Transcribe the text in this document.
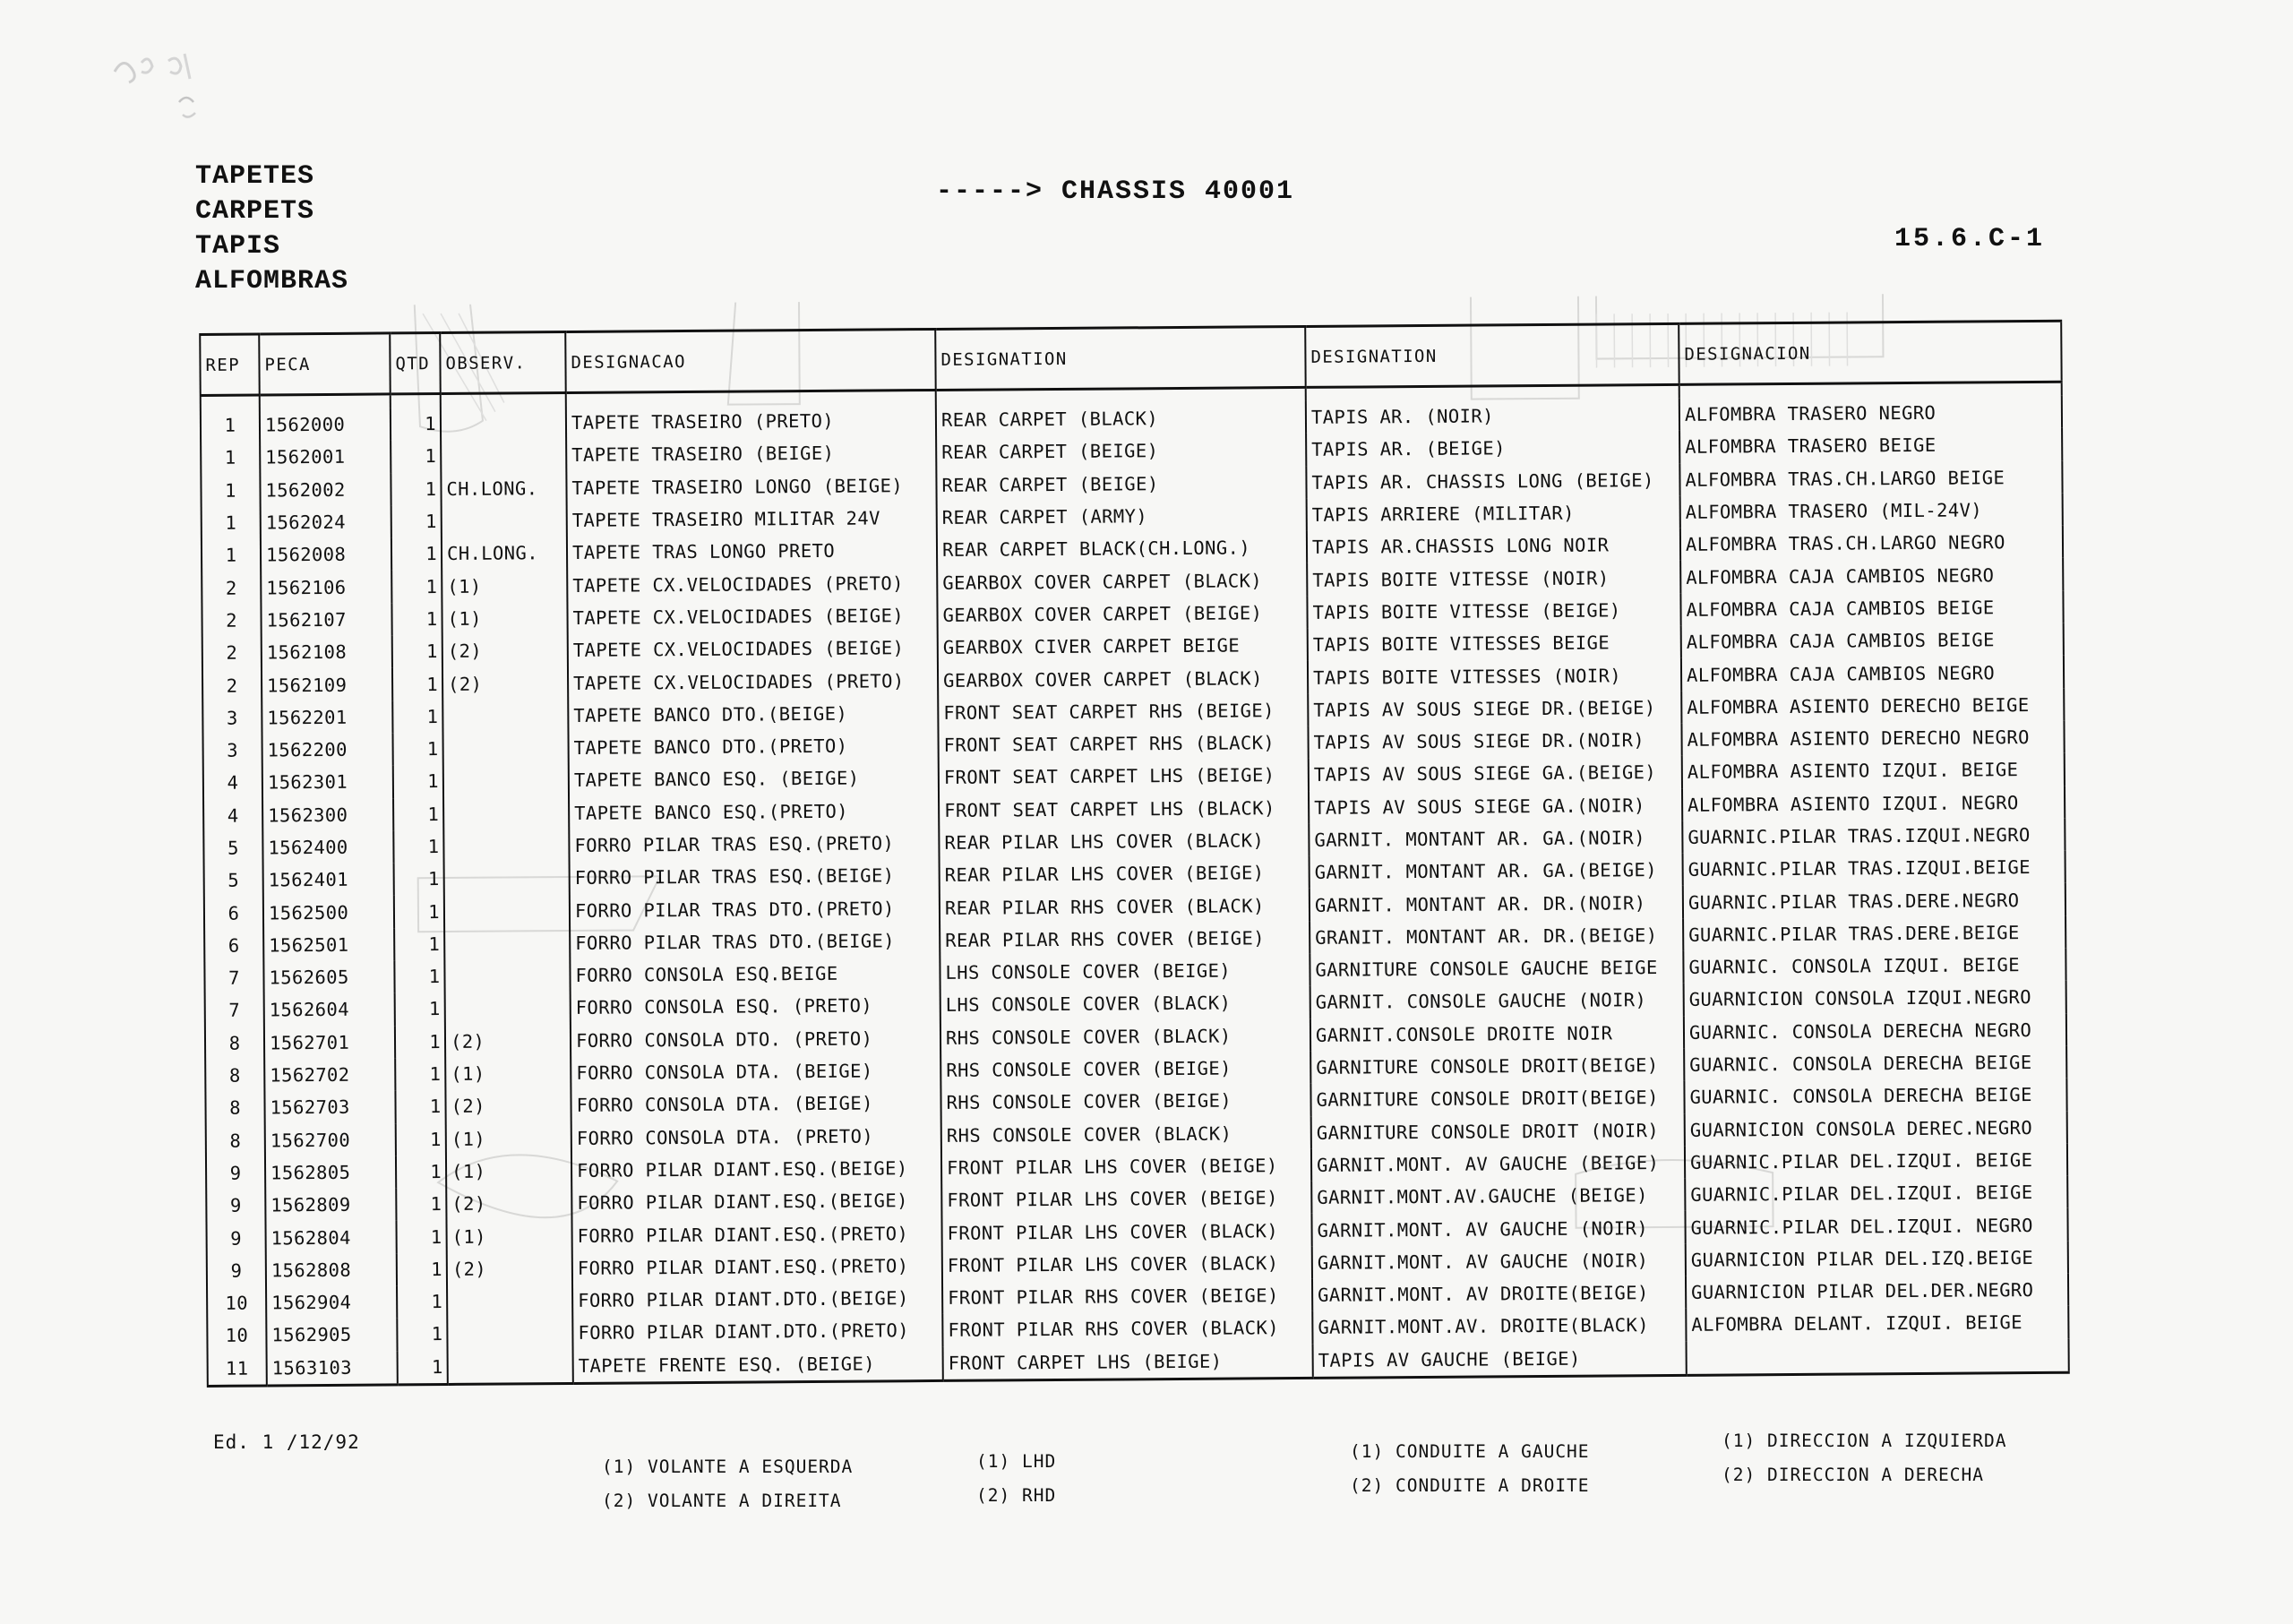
TAPETES
CARPETS
TAPIS
ALFOMBRAS
-----> CHASSIS 40001
15.6.C-1
REP	PECA	QTD	OBSERV.	DESIGNACAO	DESIGNATION	DESIGNATION	DESIGNACION

1	1562000	1		TAPETE TRASEIRO (PRETO)	REAR CARPET (BLACK)	TAPIS AR. (NOIR)	ALFOMBRA TRASERO NEGRO
1	1562001	1		TAPETE TRASEIRO (BEIGE)	REAR CARPET (BEIGE)	TAPIS AR. (BEIGE)	ALFOMBRA TRASERO BEIGE
1	1562002	1	CH.LONG.	TAPETE TRASEIRO LONGO (BEIGE)	REAR CARPET (BEIGE)	TAPIS AR. CHASSIS LONG (BEIGE)	ALFOMBRA TRAS.CH.LARGO BEIGE
1	1562024	1		TAPETE TRASEIRO MILITAR 24V	REAR CARPET (ARMY)	TAPIS ARRIERE (MILITAR)	ALFOMBRA TRASERO (MIL-24V)
1	1562008	1	CH.LONG.	TAPETE TRAS LONGO PRETO	REAR CARPET BLACK(CH.LONG.)	TAPIS AR.CHASSIS LONG NOIR	ALFOMBRA TRAS.CH.LARGO NEGRO
2	1562106	1	(1)	TAPETE CX.VELOCIDADES (PRETO)	GEARBOX COVER CARPET (BLACK)	TAPIS BOITE VITESSE (NOIR)	ALFOMBRA CAJA CAMBIOS NEGRO
2	1562107	1	(1)	TAPETE CX.VELOCIDADES (BEIGE)	GEARBOX COVER CARPET (BEIGE)	TAPIS BOITE VITESSE (BEIGE)	ALFOMBRA CAJA CAMBIOS BEIGE
2	1562108	1	(2)	TAPETE CX.VELOCIDADES (BEIGE)	GEARBOX CIVER CARPET BEIGE	TAPIS BOITE VITESSES BEIGE	ALFOMBRA CAJA CAMBIOS BEIGE
2	1562109	1	(2)	TAPETE CX.VELOCIDADES (PRETO)	GEARBOX COVER CARPET (BLACK)	TAPIS BOITE VITESSES (NOIR)	ALFOMBRA CAJA CAMBIOS NEGRO
3	1562201	1		TAPETE BANCO DTO.(BEIGE)	FRONT SEAT CARPET RHS (BEIGE)	TAPIS AV SOUS SIEGE DR.(BEIGE)	ALFOMBRA ASIENTO DERECHO BEIGE
3	1562200	1		TAPETE BANCO DTO.(PRETO)	FRONT SEAT CARPET RHS (BLACK)	TAPIS AV SOUS SIEGE DR.(NOIR)	ALFOMBRA ASIENTO DERECHO NEGRO
4	1562301	1		TAPETE BANCO ESQ. (BEIGE)	FRONT SEAT CARPET LHS (BEIGE)	TAPIS AV SOUS SIEGE GA.(BEIGE)	ALFOMBRA ASIENTO IZQUI. BEIGE
4	1562300	1		TAPETE BANCO ESQ.(PRETO)	FRONT SEAT CARPET LHS (BLACK)	TAPIS AV SOUS SIEGE GA.(NOIR)	ALFOMBRA ASIENTO IZQUI. NEGRO
5	1562400	1		FORRO PILAR TRAS ESQ.(PRETO)	REAR PILAR LHS COVER (BLACK)	GARNIT. MONTANT AR. GA.(NOIR)	GUARNIC.PILAR TRAS.IZQUI.NEGRO
5	1562401	1		FORRO PILAR TRAS ESQ.(BEIGE)	REAR PILAR LHS COVER (BEIGE)	GARNIT. MONTANT AR. GA.(BEIGE)	GUARNIC.PILAR TRAS.IZQUI.BEIGE
6	1562500	1		FORRO PILAR TRAS DTO.(PRETO)	REAR PILAR RHS COVER (BLACK)	GARNIT. MONTANT AR. DR.(NOIR)	GUARNIC.PILAR TRAS.DERE.NEGRO
6	1562501	1		FORRO PILAR TRAS DTO.(BEIGE)	REAR PILAR RHS COVER (BEIGE)	GRANIT. MONTANT AR. DR.(BEIGE)	GUARNIC.PILAR TRAS.DERE.BEIGE
7	1562605	1		FORRO CONSOLA ESQ.BEIGE	LHS CONSOLE COVER (BEIGE)	GARNITURE CONSOLE GAUCHE BEIGE	GUARNIC. CONSOLA IZQUI. BEIGE
7	1562604	1		FORRO CONSOLA ESQ. (PRETO)	LHS CONSOLE COVER (BLACK)	GARNIT. CONSOLE GAUCHE (NOIR)	GUARNICION CONSOLA IZQUI.NEGRO
8	1562701	1	(2)	FORRO CONSOLA DTO. (PRETO)	RHS CONSOLE COVER (BLACK)	GARNIT.CONSOLE DROITE NOIR	GUARNIC. CONSOLA DERECHA NEGRO
8	1562702	1	(1)	FORRO CONSOLA DTA. (BEIGE)	RHS CONSOLE COVER (BEIGE)	GARNITURE CONSOLE DROIT(BEIGE)	GUARNIC. CONSOLA DERECHA BEIGE
8	1562703	1	(2)	FORRO CONSOLA DTA. (BEIGE)	RHS CONSOLE COVER (BEIGE)	GARNITURE CONSOLE DROIT(BEIGE)	GUARNIC. CONSOLA DERECHA BEIGE
8	1562700	1	(1)	FORRO CONSOLA DTA. (PRETO)	RHS CONSOLE COVER (BLACK)	GARNITURE CONSOLE DROIT (NOIR)	GUARNICION CONSOLA DEREC.NEGRO
9	1562805	1	(1)	FORRO PILAR DIANT.ESQ.(BEIGE)	FRONT PILAR LHS COVER (BEIGE)	GARNIT.MONT. AV GAUCHE (BEIGE)	GUARNIC.PILAR DEL.IZQUI. BEIGE
9	1562809	1	(2)	FORRO PILAR DIANT.ESQ.(BEIGE)	FRONT PILAR LHS COVER (BEIGE)	GARNIT.MONT.AV.GAUCHE (BEIGE)	GUARNIC.PILAR DEL.IZQUI. BEIGE
9	1562804	1	(1)	FORRO PILAR DIANT.ESQ.(PRETO)	FRONT PILAR LHS COVER (BLACK)	GARNIT.MONT. AV GAUCHE (NOIR)	GUARNIC.PILAR DEL.IZQUI. NEGRO
9	1562808	1	(2)	FORRO PILAR DIANT.ESQ.(PRETO)	FRONT PILAR LHS COVER (BLACK)	GARNIT.MONT. AV GAUCHE (NOIR)	GUARNICION PILAR DEL.IZQ.BEIGE
10	1562904	1		FORRO PILAR DIANT.DTO.(BEIGE)	FRONT PILAR RHS COVER (BEIGE)	GARNIT.MONT. AV DROITE(BEIGE)	GUARNICION PILAR DEL.DER.NEGRO
10	1562905	1		FORRO PILAR DIANT.DTO.(PRETO)	FRONT PILAR RHS COVER (BLACK)	GARNIT.MONT.AV. DROITE(BLACK)	ALFOMBRA DELANT. IZQUI. BEIGE
11	1563103	1		TAPETE FRENTE ESQ. (BEIGE)	FRONT CARPET LHS (BEIGE)	TAPIS AV GAUCHE (BEIGE)	
Ed. 1 /12/92
(1) VOLANTE A ESQUERDA
(2) VOLANTE A DIREITA
(1) LHD
(2) RHD
(1) CONDUITE A GAUCHE
(2) CONDUITE A DROITE
(1) DIRECCION A IZQUIERDA
(2) DIRECCION A DERECHA
